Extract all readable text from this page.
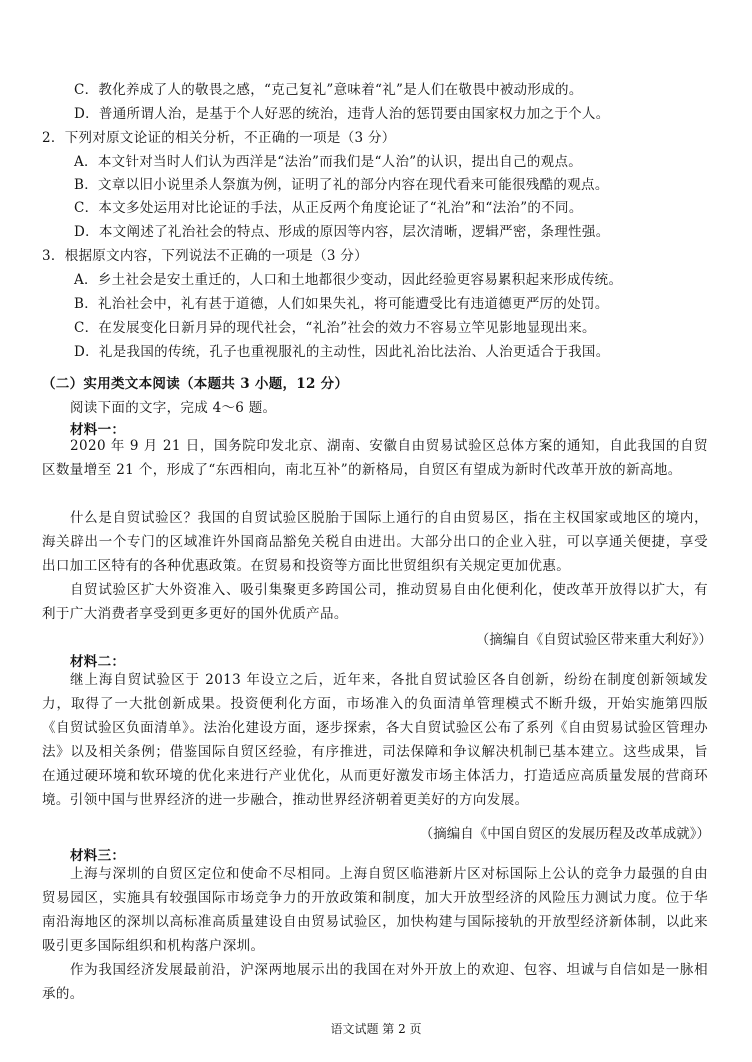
C．教化养成了人的敬畏之感，“克己复礼”意味着“礼”是人们在敬畏中被动形成的。
D．普通所谓人治，是基于个人好恶的统治，违背人治的惩罚要由国家权力加之于个人。
2．下列对原文论证的相关分析，不正确的一项是（3 分）
A．本文针对当时人们认为西洋是“法治”而我们是“人治”的认识，提出自己的观点。
B．文章以旧小说里杀人祭旗为例，证明了礼的部分内容在现代看来可能很残酷的观点。
C．本文多处运用对比论证的手法，从正反两个角度论证了“礼治”和“法治”的不同。
D．本文阐述了礼治社会的特点、形成的原因等内容，层次清晰，逻辑严密，条理性强。
3．根据原文内容，下列说法不正确的一项是（3 分）
A．乡土社会是安土重迁的，人口和土地都很少变动，因此经验更容易累积起来形成传统。
B．礼治社会中，礼有甚于道德，人们如果失礼，将可能遭受比有违道德更严厉的处罚。
C．在发展变化日新月异的现代社会，“礼治”社会的效力不容易立竿见影地显现出来。
D．礼是我国的传统，孔子也重视服礼的主动性，因此礼治比法治、人治更适合于我国。
（二）实用类文本阅读（本题共 3 小题，12 分）
阅读下面的文字，完成 4～6 题。
材料一：
2020 年 9 月 21 日，国务院印发北京、湖南、安徽自由贸易试验区总体方案的通知，自此我国的自贸区数量增至 21 个，形成了“东西相向，南北互补”的新格局，自贸区有望成为新时代改革开放的新高地。
什么是自贸试验区？我国的自贸试验区脱胎于国际上通行的自由贸易区，指在主权国家或地区的境内，海关辟出一个专门的区域准许外国商品豁免关税自由进出。大部分出口的企业入驻，可以享通关便捷，享受出口加工区特有的各种优惠政策。在贸易和投资等方面比世贸组织有关规定更加优惠。
自贸试验区扩大外资准入、吸引集聚更多跨国公司，推动贸易自由化便利化，使改革开放得以扩大，有利于广大消费者享受到更多更好的国外优质产品。
（摘编自《自贸试验区带来重大利好》）
材料二：
继上海自贸试验区于 2013 年设立之后，近年来，各批自贸试验区各自创新，纷纷在制度创新领域发力，取得了一大批创新成果。投资便利化方面，市场准入的负面清单管理模式不断升级，开始实施第四版《自贸试验区负面清单》。法治化建设方面，逐步探索，各大自贸试验区公布了系列《自由贸易试验区管理办法》以及相关条例；借鉴国际自贸区经验，有序推进，司法保障和争议解决机制已基本建立。这些成果，旨在通过硬环境和软环境的优化来进行产业优化，从而更好激发市场主体活力，打造适应高质量发展的营商环境。引领中国与世界经济的进一步融合，推动世界经济朝着更美好的方向发展。
（摘编自《中国自贸区的发展历程及改革成就》）
材料三：
上海与深圳的自贸区定位和使命不尽相同。上海自贸区临港新片区对标国际上公认的竞争力最强的自由贸易园区，实施具有较强国际市场竞争力的开放政策和制度，加大开放型经济的风险压力测试力度。位于华南沿海地区的深圳以高标准高质量建设自由贸易试验区，加快构建与国际接轨的开放型经济新体制，以此来吸引更多国际组织和机构落户深圳。
作为我国经济发展最前沿，沪深两地展示出的我国在对外开放上的欢迎、包容、坦诚与自信如是一脉相承的。
语文试题 第 2 页
